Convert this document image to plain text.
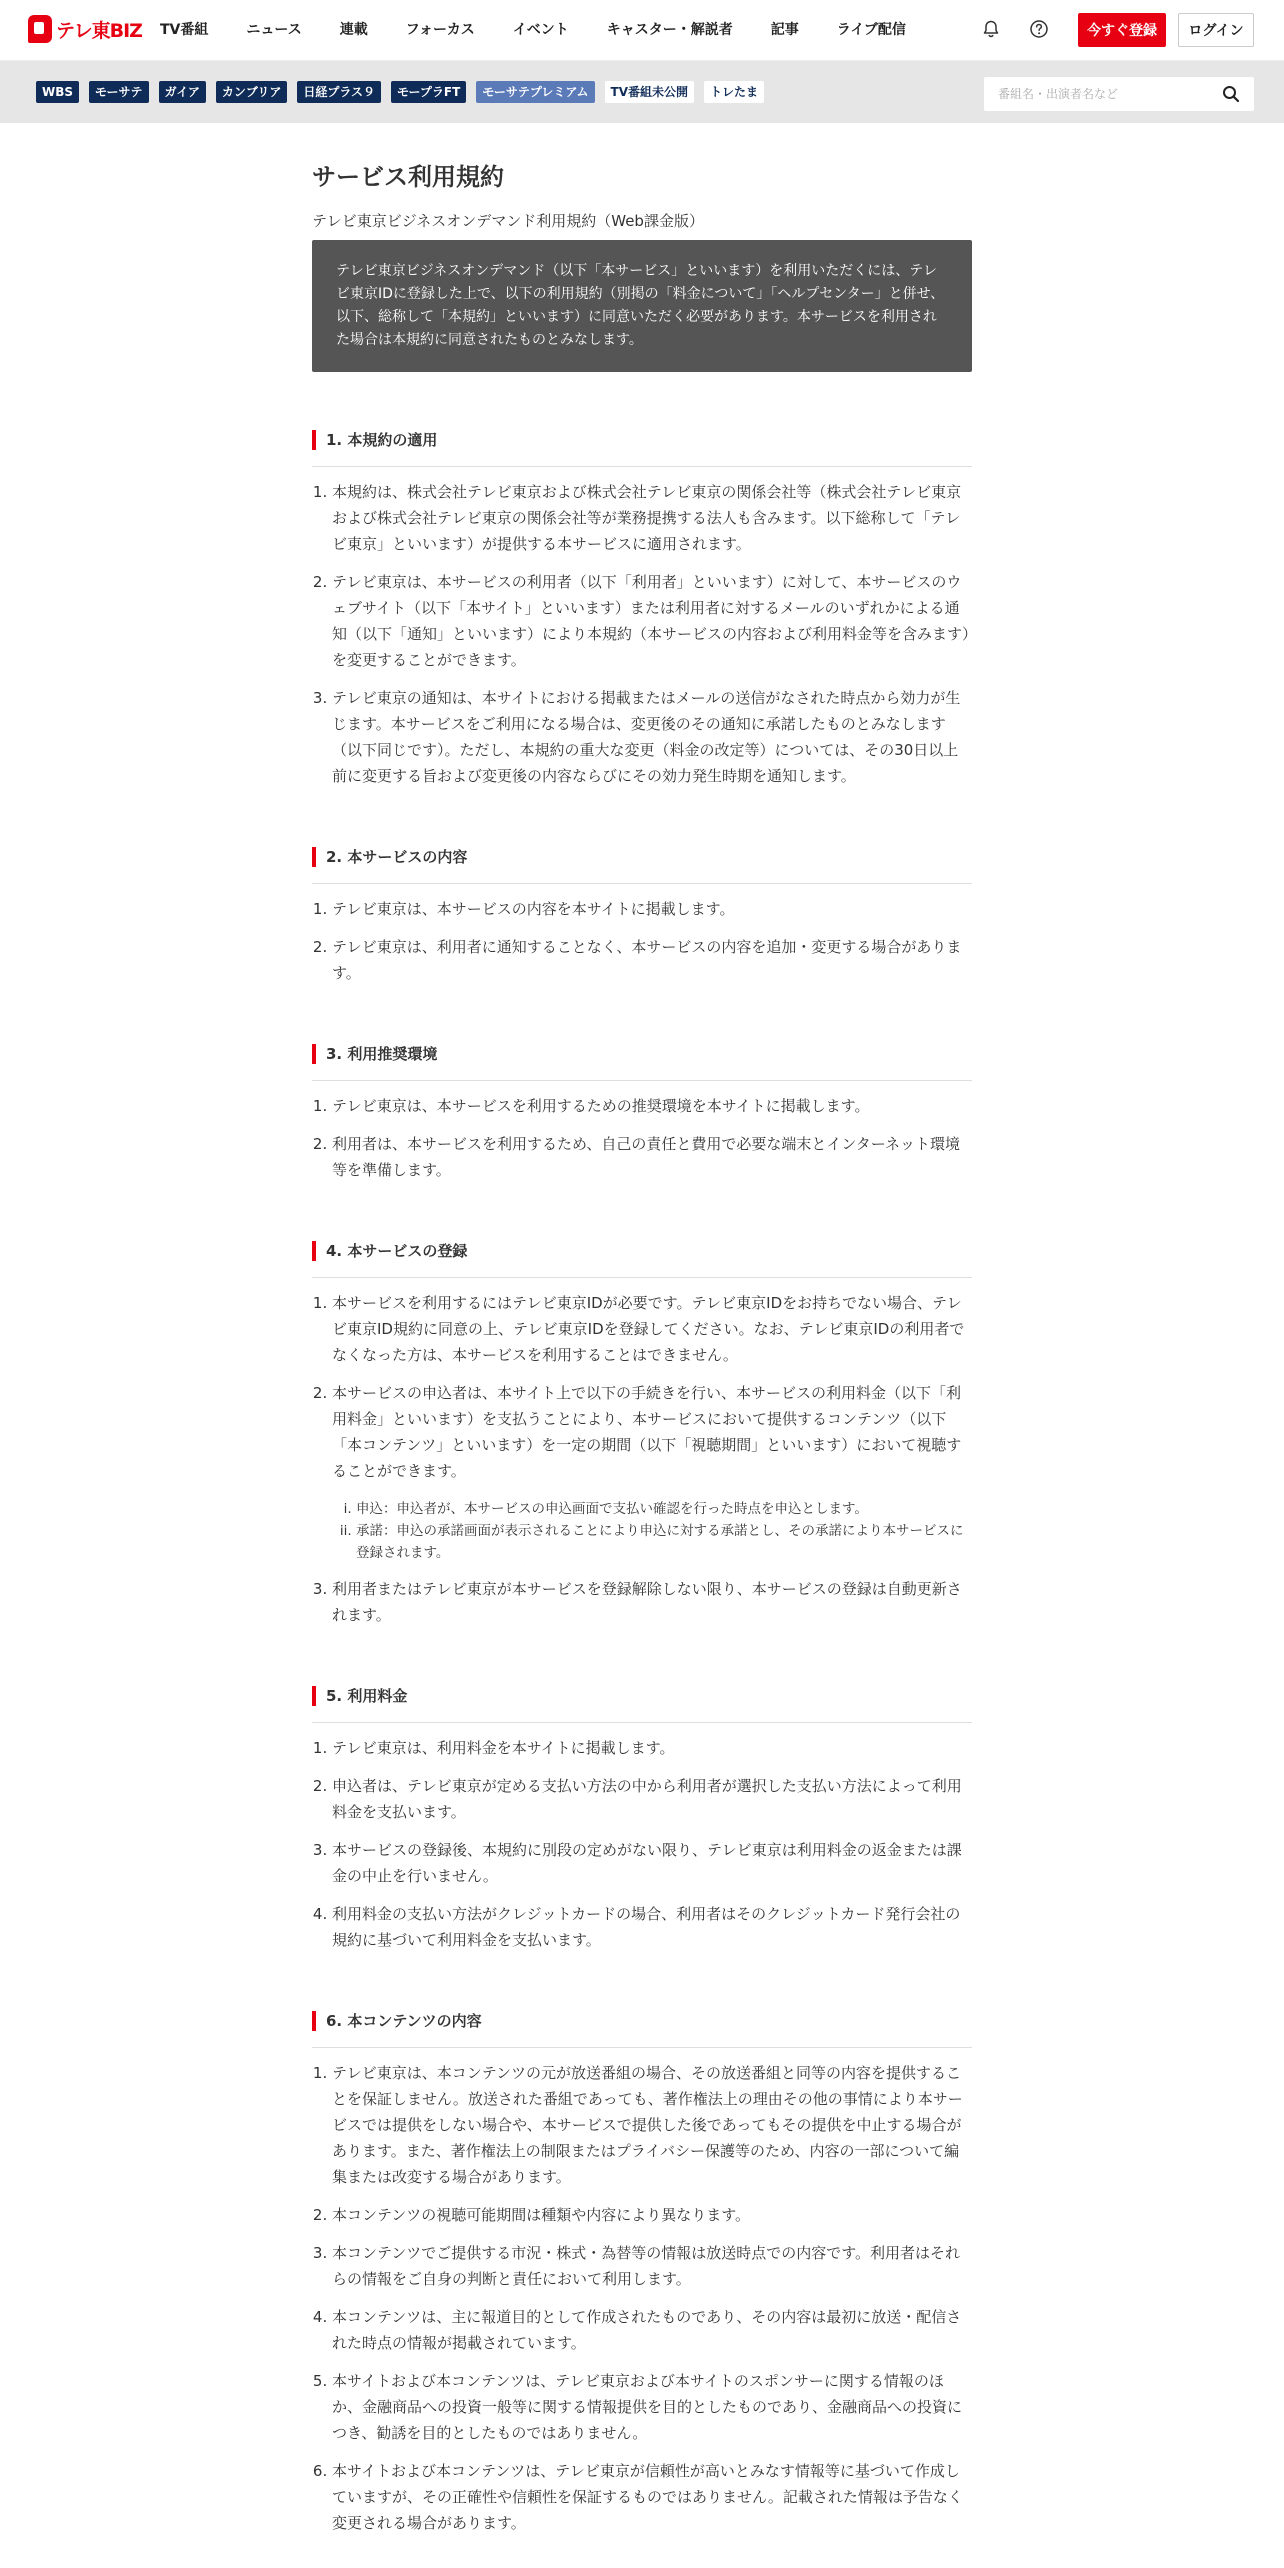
テレ東BIZ TV番組	ニュース	連載	フォーカス	イベント	キャスター・解説者	記事	ライブ配信	今すぐ登録	ログイン
WBS	モーサテ	ガイア	カンブリア	日経プラス９	モープラFT	モーサテプレミアム	TV番組未公開	トレたま
番組名・出演者名など
サービス利用規約
テレビ東京ビジネスオンデマンド利用規約（Web課金版）
テレビ東京ビジネスオンデマンド（以下「本サービス」といいます）を利用いただくには、テレビ東京IDに登録した上で、以下の利用規約（別掲の「料金について」「ヘルプセンター」と併せ、以下、総称して「本規約」といいます）に同意いただく必要があります。本サービスを利用された場合は本規約に同意されたものとみなします。
1. 本規約の適用
1. 本規約は、株式会社テレビ東京および株式会社テレビ東京の関係会社等（株式会社テレビ東京および株式会社テレビ東京の関係会社等が業務提携する法人も含みます。以下総称して「テレビ東京」といいます）が提供する本サービスに適用されます。
2. テレビ東京は、本サービスの利用者（以下「利用者」といいます）に対して、本サービスのウェブサイト（以下「本サイト」といいます）または利用者に対するメールのいずれかによる通知（以下「通知」といいます）により本規約（本サービスの内容および利用料金等を含みます）を変更することができます。
3. テレビ東京の通知は、本サイトにおける掲載またはメールの送信がなされた時点から効力が生じます。本サービスをご利用になる場合は、変更後のその通知に承諾したものとみなします（以下同じです）。ただし、本規約の重大な変更（料金の改定等）については、その30日以上前に変更する旨および変更後の内容ならびにその効力発生時期を通知します。
2. 本サービスの内容
1. テレビ東京は、本サービスの内容を本サイトに掲載します。
2. テレビ東京は、利用者に通知することなく、本サービスの内容を追加・変更する場合があります。
3. 利用推奨環境
1. テレビ東京は、本サービスを利用するための推奨環境を本サイトに掲載します。
2. 利用者は、本サービスを利用するため、自己の責任と費用で必要な端末とインターネット環境等を準備します。
4. 本サービスの登録
1. 本サービスを利用するにはテレビ東京IDが必要です。テレビ東京IDをお持ちでない場合、テレビ東京ID規約に同意の上、テレビ東京IDを登録してください。なお、テレビ東京IDの利用者でなくなった方は、本サービスを利用することはできません。
2. 本サービスの申込者は、本サイト上で以下の手続きを行い、本サービスの利用料金（以下「利用料金」といいます）を支払うことにより、本サービスにおいて提供するコンテンツ（以下「本コンテンツ」といいます）を一定の期間（以下「視聴期間」といいます）において視聴することができます。
i. 申込：申込者が、本サービスの申込画面で支払い確認を行った時点を申込とします。
ii. 承諾：申込の承諾画面が表示されることにより申込に対する承諾とし、その承諾により本サービスに登録されます。
3. 利用者またはテレビ東京が本サービスを登録解除しない限り、本サービスの登録は自動更新されます。
5. 利用料金
1. テレビ東京は、利用料金を本サイトに掲載します。
2. 申込者は、テレビ東京が定める支払い方法の中から利用者が選択した支払い方法によって利用料金を支払います。
3. 本サービスの登録後、本規約に別段の定めがない限り、テレビ東京は利用料金の返金または課金の中止を行いません。
4. 利用料金の支払い方法がクレジットカードの場合、利用者はそのクレジットカード発行会社の規約に基づいて利用料金を支払います。
6. 本コンテンツの内容
1. テレビ東京は、本コンテンツの元が放送番組の場合、その放送番組と同等の内容を提供することを保証しません。放送された番組であっても、著作権法上の理由その他の事情により本サービスでは提供をしない場合や、本サービスで提供した後であってもその提供を中止する場合があります。また、著作権法上の制限またはプライバシー保護等のため、内容の一部について編集または改変する場合があります。
2. 本コンテンツの視聴可能期間は種類や内容により異なります。
3. 本コンテンツでご提供する市況・株式・為替等の情報は放送時点での内容です。利用者はそれらの情報をご自身の判断と責任において利用します。
4. 本コンテンツは、主に報道目的として作成されたものであり、その内容は最初に放送・配信された時点の情報が掲載されています。
5. 本サイトおよび本コンテンツは、テレビ東京および本サイトのスポンサーに関する情報のほか、金融商品への投資一般等に関する情報提供を目的としたものであり、金融商品への投資につき、勧誘を目的としたものではありません。
6. 本サイトおよび本コンテンツは、テレビ東京が信頼性が高いとみなす情報等に基づいて作成していますが、その正確性や信頼性を保証するものではありません。記載された情報は予告なく変更される場合があります。
